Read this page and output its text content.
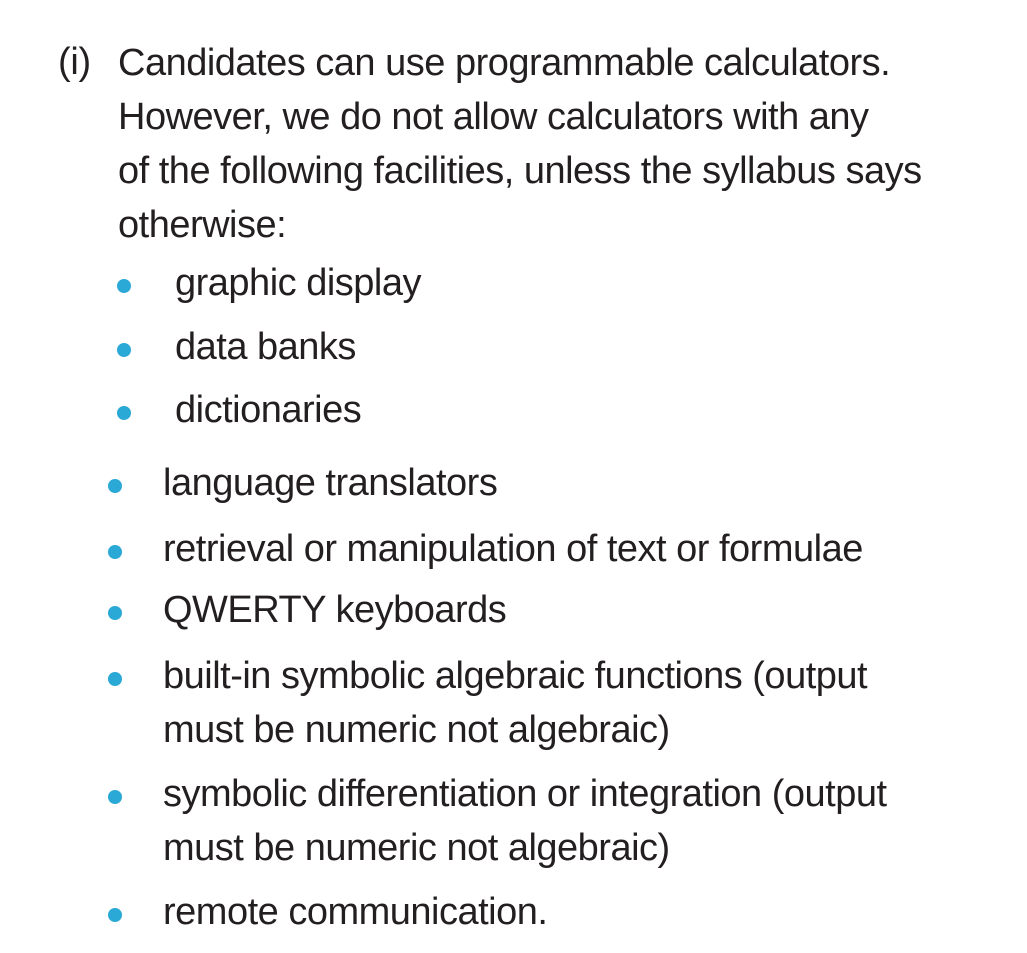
(i) Candidates can use programmable calculators.
However, we do not allow calculators with any
of the following facilities, unless the syllabus says
otherwise:
graphic display
data banks
dictionaries
language translators
retrieval or manipulation of text or formulae
QWERTY keyboards
built-in symbolic algebraic functions (output
must be numeric not algebraic)
symbolic differentiation or integration (output
must be numeric not algebraic)
remote communication.
